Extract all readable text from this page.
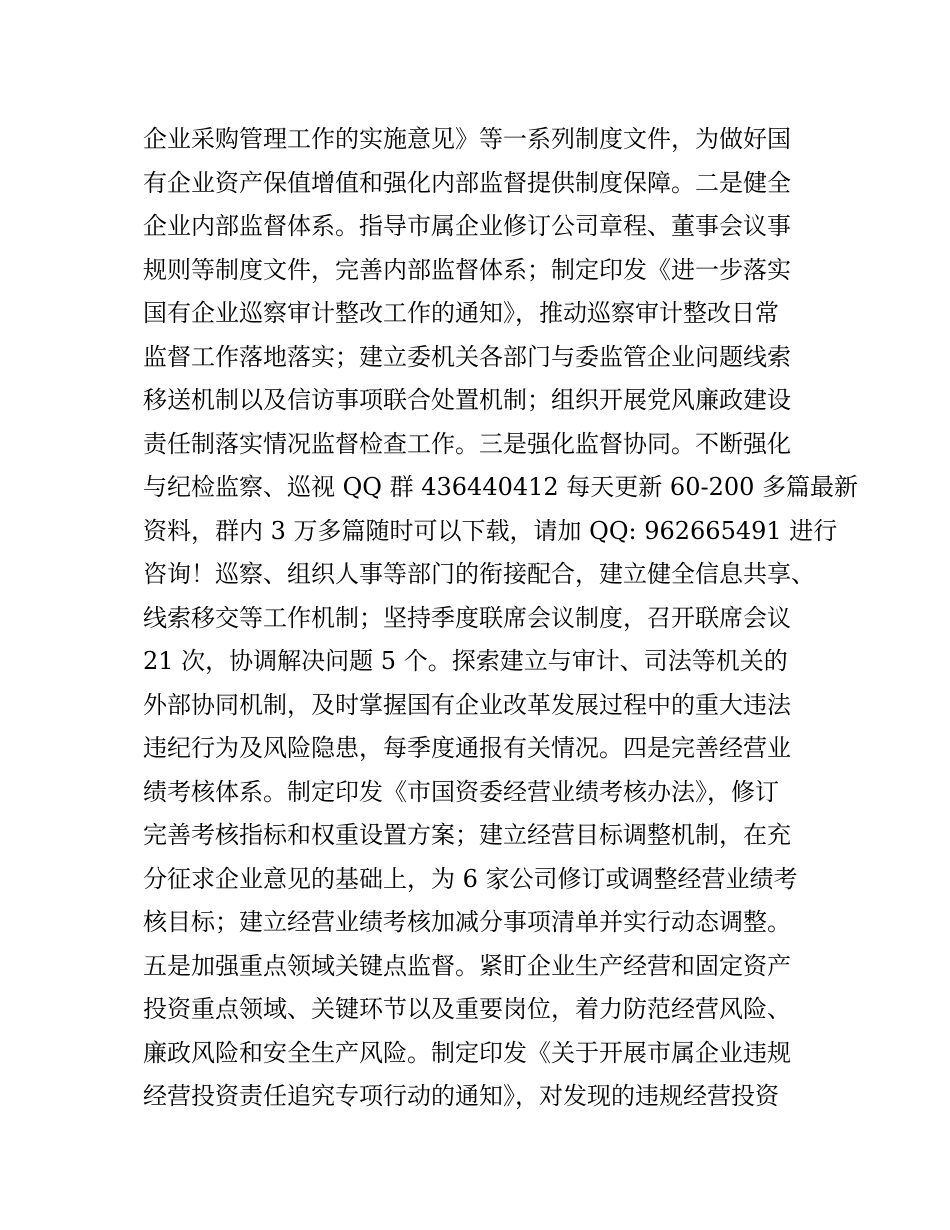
企业采购管理工作的实施意见》等一系列制度文件，为做好国
有企业资产保值增值和强化内部监督提供制度保障。二是健全
企业内部监督体系。指导市属企业修订公司章程、董事会议事
规则等制度文件，完善内部监督体系；制定印发《进一步落实
国有企业巡察审计整改工作的通知》，推动巡察审计整改日常
监督工作落地落实；建立委机关各部门与委监管企业问题线索
移送机制以及信访事项联合处置机制；组织开展党风廉政建设
责任制落实情况监督检查工作。三是强化监督协同。不断强化
与纪检监察、巡视 QQ 群 436440412 每天更新 60-200 多篇最新
资料，群内 3 万多篇随时可以下载，请加 QQ: 962665491 进行
咨询！巡察、组织人事等部门的衔接配合，建立健全信息共享、
线索移交等工作机制；坚持季度联席会议制度，召开联席会议
21 次，协调解决问题 5 个。探索建立与审计、司法等机关的
外部协同机制，及时掌握国有企业改革发展过程中的重大违法
违纪行为及风险隐患，每季度通报有关情况。四是完善经营业
绩考核体系。制定印发《市国资委经营业绩考核办法》，修订
完善考核指标和权重设置方案；建立经营目标调整机制，在充
分征求企业意见的基础上，为 6 家公司修订或调整经营业绩考
核目标；建立经营业绩考核加减分事项清单并实行动态调整。
五是加强重点领域关键点监督。紧盯企业生产经营和固定资产
投资重点领域、关键环节以及重要岗位，着力防范经营风险、
廉政风险和安全生产风险。制定印发《关于开展市属企业违规
经营投资责任追究专项行动的通知》，对发现的违规经营投资
